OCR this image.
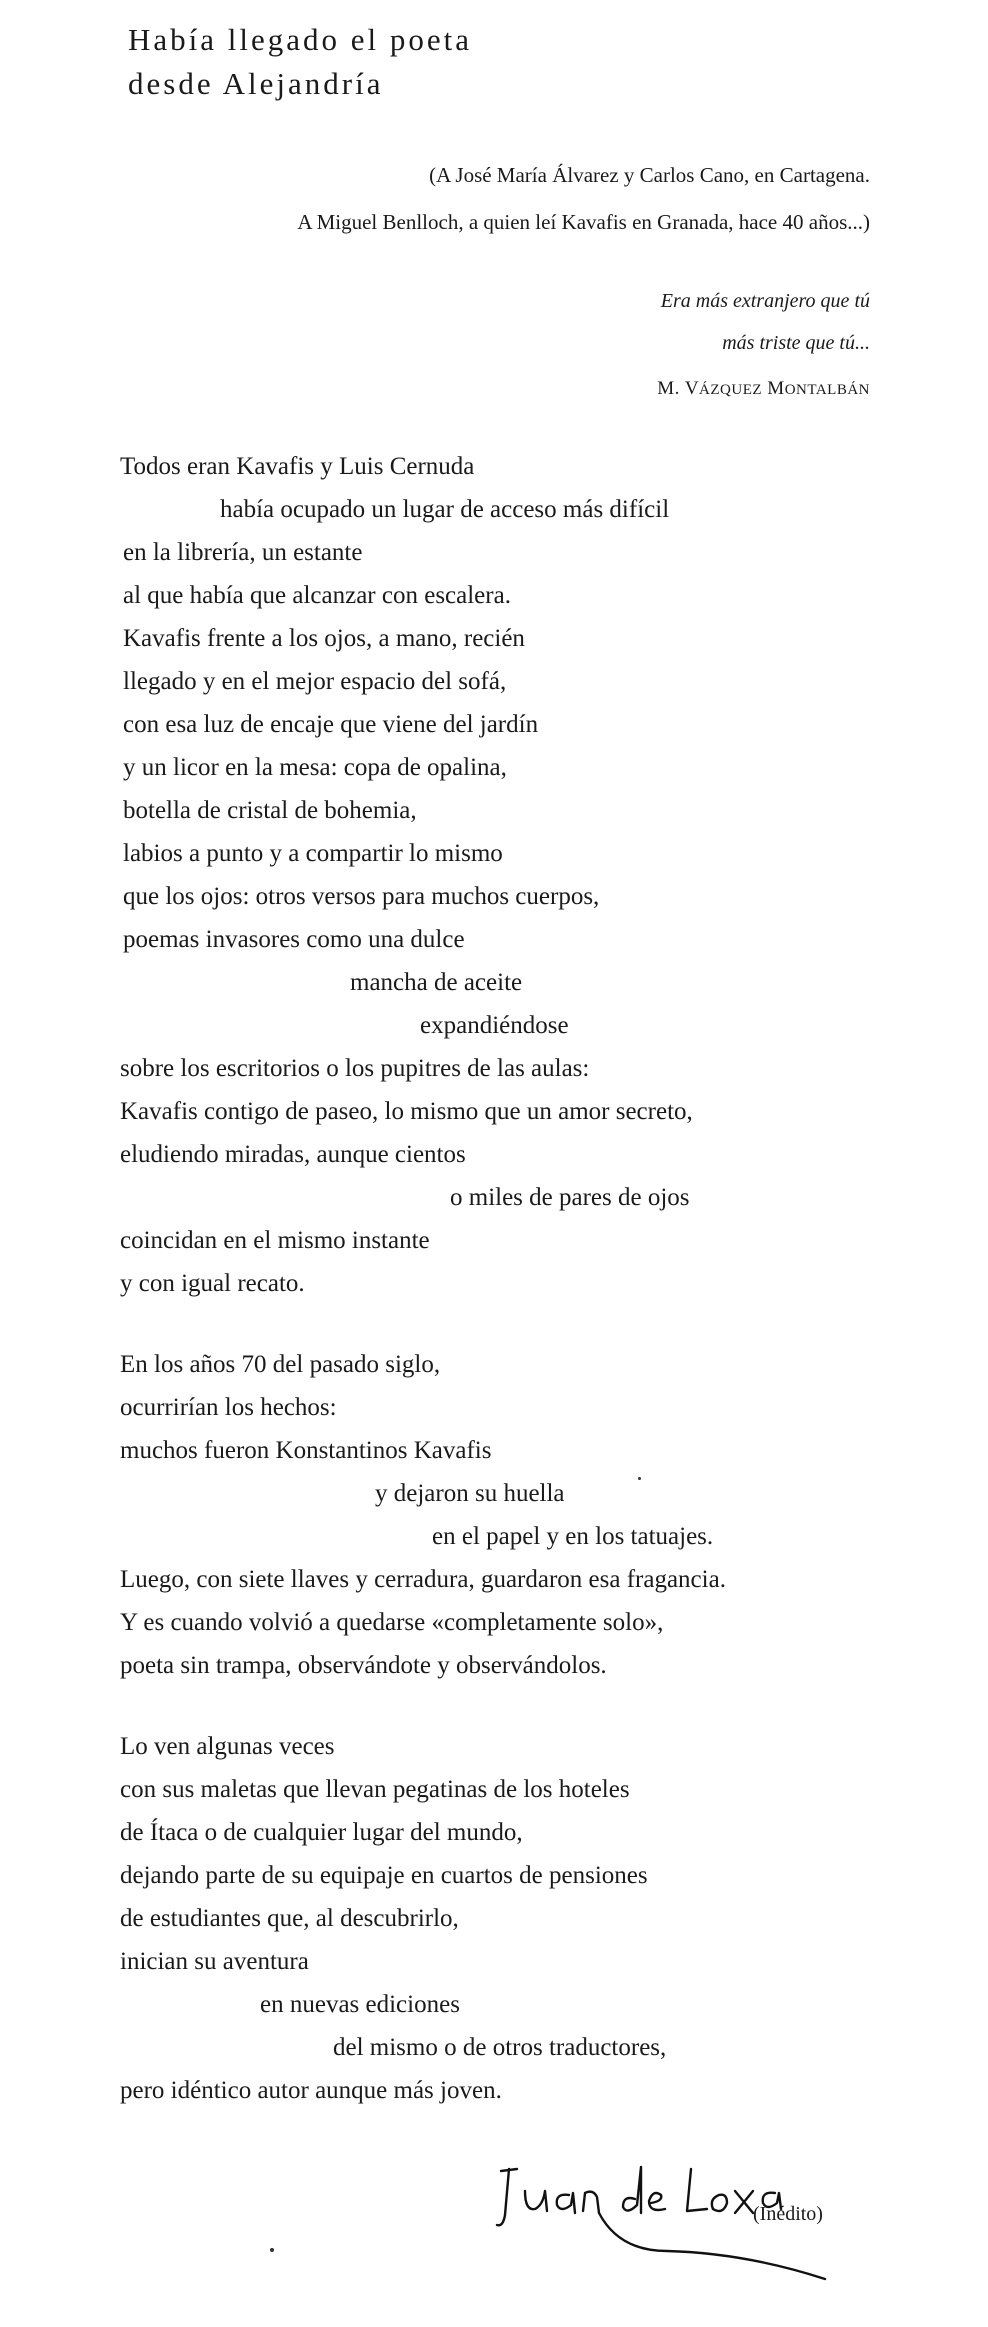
Había llegado el poeta
desde Alejandría
(A José María Álvarez y Carlos Cano, en Cartagena.
A Miguel Benlloch, a quien leí Kavafis en Granada, hace 40 años...)
Era más extranjero que tú
más triste que tú...
M. VÁZQUEZ MONTALBÁN
Todos eran Kavafis y Luis Cernuda
había ocupado un lugar de acceso más difícil
en la librería, un estante
al que había que alcanzar con escalera.
Kavafis frente a los ojos, a mano, recién
llegado y en el mejor espacio del sofá,
con esa luz de encaje que viene del jardín
y un licor en la mesa: copa de opalina,
botella de cristal de bohemia,
labios a punto y a compartir lo mismo
que los ojos: otros versos para muchos cuerpos,
poemas invasores como una dulce
mancha de aceite
expandiéndose
sobre los escritorios o los pupitres de las aulas:
Kavafis contigo de paseo, lo mismo que un amor secreto,
eludiendo miradas, aunque cientos
o miles de pares de ojos
coincidan en el mismo instante
y con igual recato.
En los años 70 del pasado siglo,
ocurrirían los hechos:
muchos fueron Konstantinos Kavafis
y dejaron su huella
en el papel y en los tatuajes.
Luego, con siete llaves y cerradura, guardaron esa fragancia.
Y es cuando volvió a quedarse «completamente solo»,
poeta sin trampa, observándote y observándolos.
Lo ven algunas veces
con sus maletas que llevan pegatinas de los hoteles
de Ítaca o de cualquier lugar del mundo,
dejando parte de su equipaje en cuartos de pensiones
de estudiantes que, al descubrirlo,
inician su aventura
en nuevas ediciones
del mismo o de otros traductores,
pero idéntico autor aunque más joven.
(Inédito)
